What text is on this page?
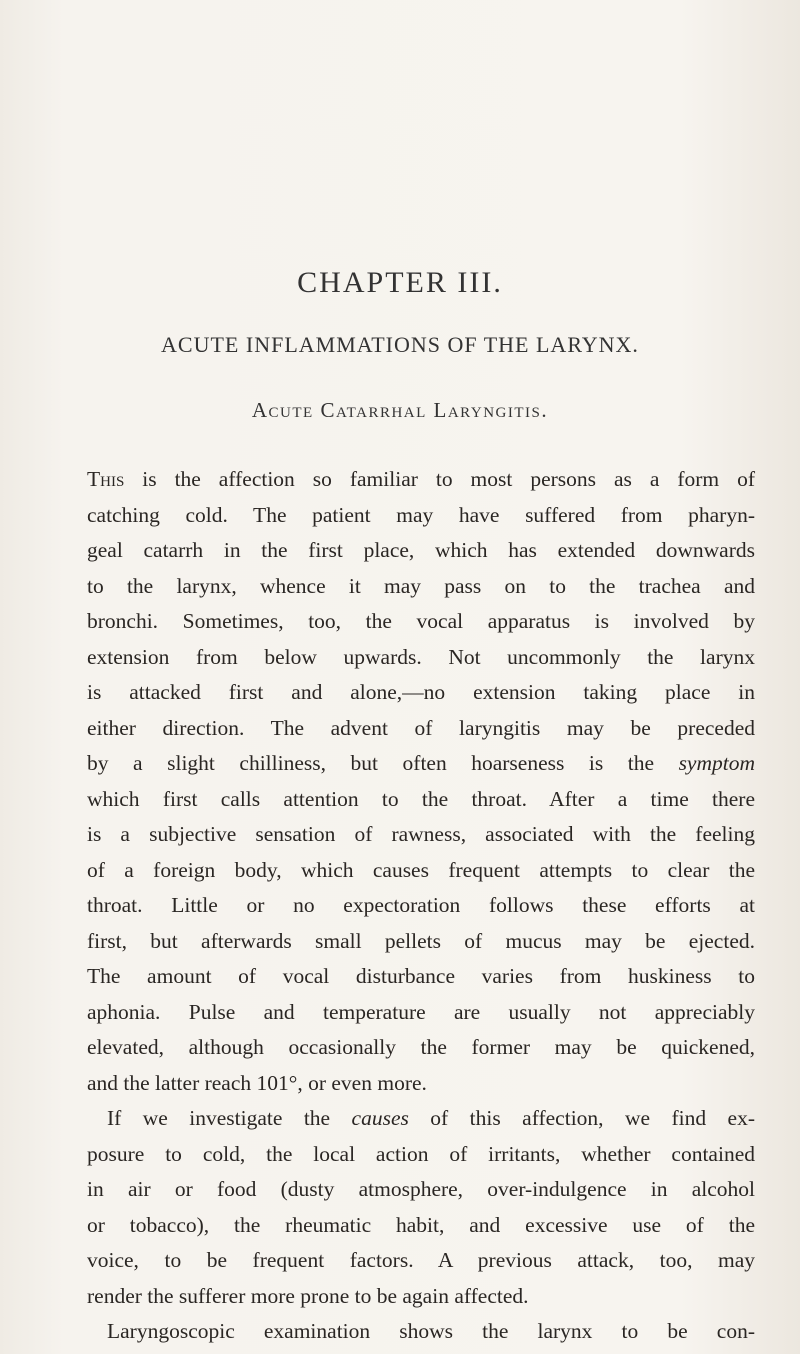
CHAPTER III.
ACUTE INFLAMMATIONS OF THE LARYNX.
Acute Catarrhal Laryngitis.
This is the affection so familiar to most persons as a form of
catching cold. The patient may have suffered from pharyn-
geal catarrh in the first place, which has extended downwards
to the larynx, whence it may pass on to the trachea and
bronchi. Sometimes, too, the vocal apparatus is involved by
extension from below upwards. Not uncommonly the larynx
is attacked first and alone,—no extension taking place in
either direction. The advent of laryngitis may be preceded
by a slight chilliness, but often hoarseness is the symptom
which first calls attention to the throat. After a time there
is a subjective sensation of rawness, associated with the feeling
of a foreign body, which causes frequent attempts to clear the
throat. Little or no expectoration follows these efforts at
first, but afterwards small pellets of mucus may be ejected.
The amount of vocal disturbance varies from huskiness to
aphonia. Pulse and temperature are usually not appreciably
elevated, although occasionally the former may be quickened,
and the latter reach 101°, or even more.
If we investigate the causes of this affection, we find ex-
posure to cold, the local action of irritants, whether contained
in air or food (dusty atmosphere, over-indulgence in alcohol
or tobacco), the rheumatic habit, and excessive use of the
voice, to be frequent factors. A previous attack, too, may
render the sufferer more prone to be again affected.
Laryngoscopic examination shows the larynx to be con-
